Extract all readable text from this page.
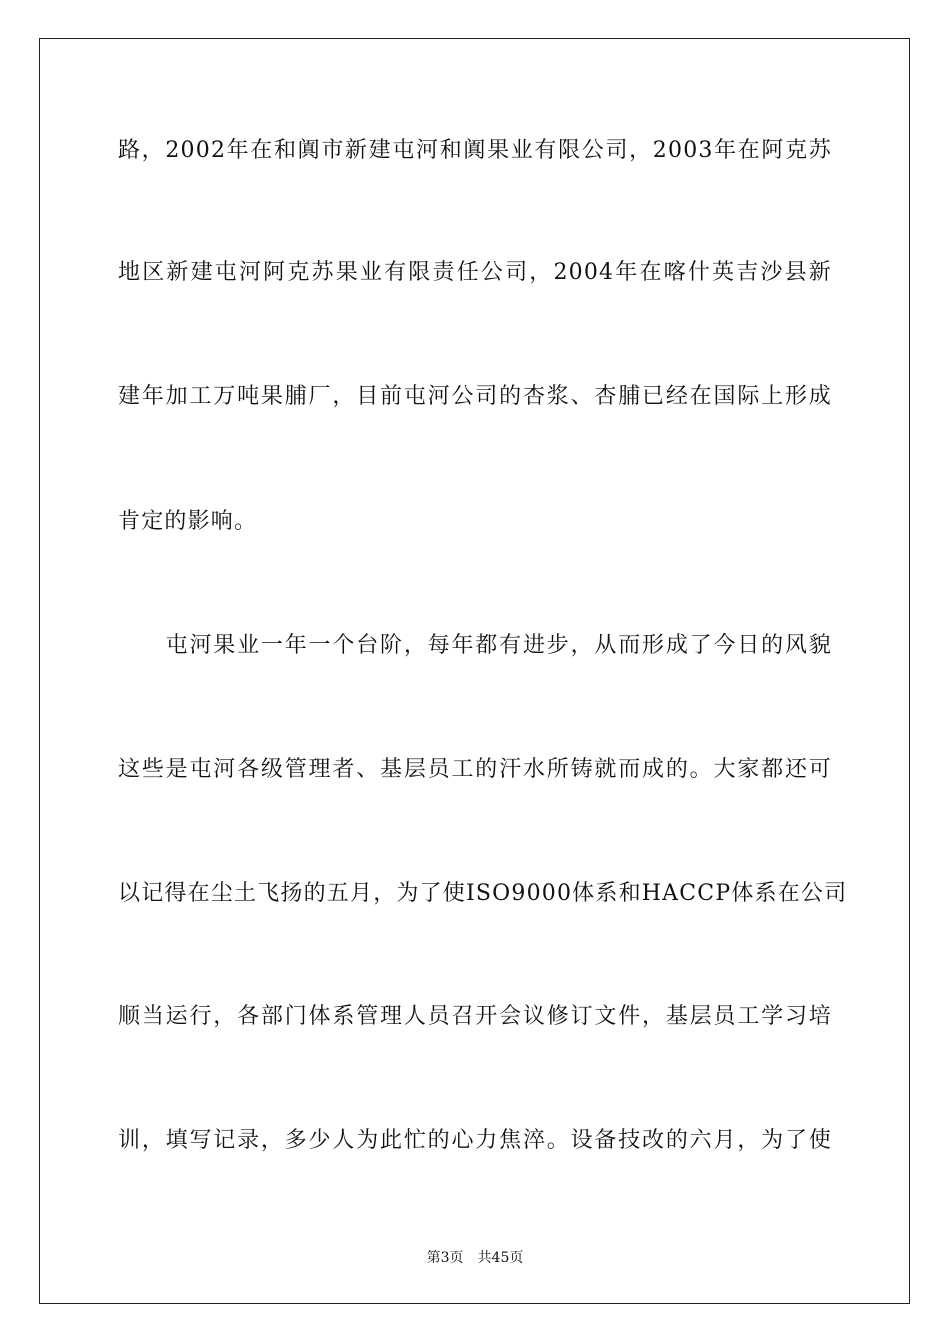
路，2002年在和阗市新建屯河和阗果业有限公司，2003年在阿克苏
地区新建屯河阿克苏果业有限责任公司，2004年在喀什英吉沙县新
建年加工万吨果脯厂，目前屯河公司的杏浆、杏脯已经在国际上形成
肯定的影响。
　　屯河果业一年一个台阶，每年都有进步，从而形成了今日的风貌
这些是屯河各级管理者、基层员工的汗水所铸就而成的。大家都还可
以记得在尘土飞扬的五月，为了使ISO9000体系和HACCP体系在公司
顺当运行，各部门体系管理人员召开会议修订文件，基层员工学习培
训，填写记录，多少人为此忙的心力焦淬。设备技改的六月，为了使
第3页 共45页
